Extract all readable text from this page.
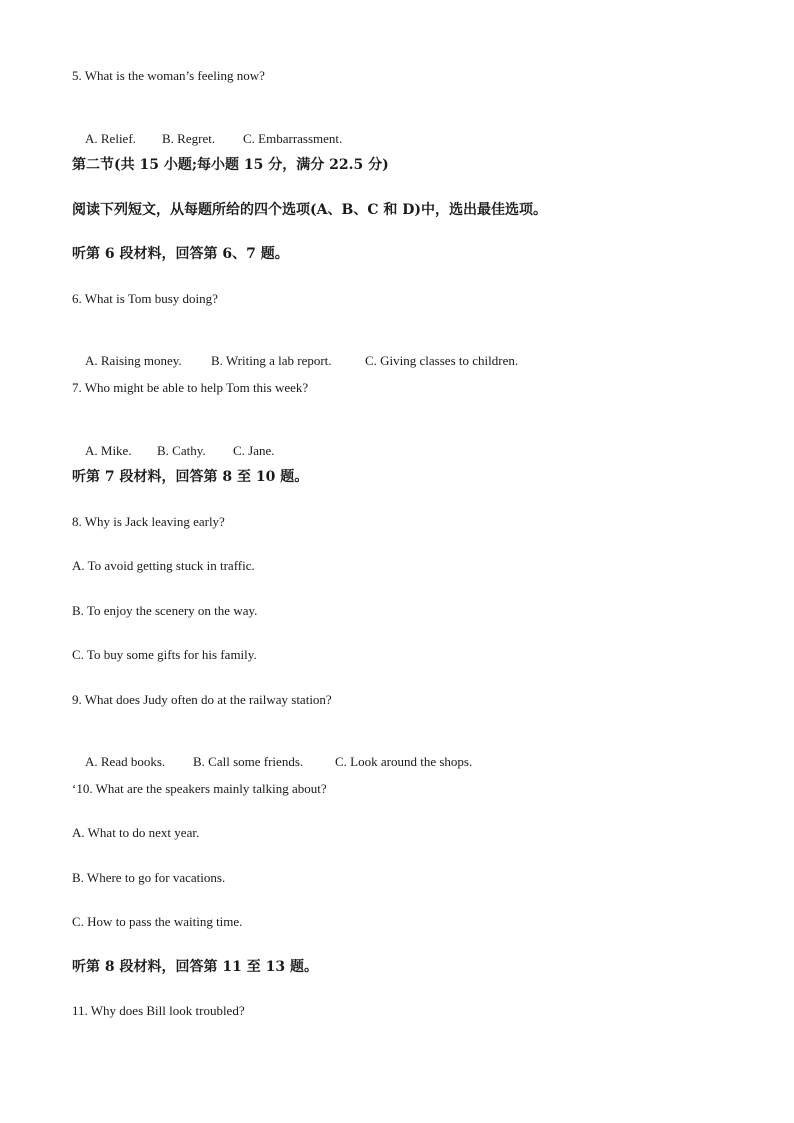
5. What is the woman’s feeling now?

A. Relief. B. Regret. C. Embarrassment.

第二节(共 15 小题;每小题 15 分，满分 22.5 分)
阅读下列短文，从每题所给的四个选项(A、B、C 和 D)中，选出最佳选项。
听第 6 段材料，回答第 6、7 题。
6. What is Tom busy doing?

A. Raising money. B. Writing a lab report.	C. Giving classes to children.

7. Who might be able to help Tom this week?

A. Mike. B. Cathy. C. Jane.

听第 7 段材料，回答第 8 至 10 题。
8. Why is Jack leaving early?
A. To avoid getting stuck in traffic.
B. To enjoy the scenery on the way.
C. To buy some gifts for his family.
9. What does Judy often do at the railway station?

A. Read books. B. Call some friends. C. Look around the shops.

‘10. What are the speakers mainly talking about?
A. What to do next year.
B. Where to go for vacations.
C. How to pass the waiting time.
听第 8 段材料，回答第 11 至 13 题。
11. Why does Bill look troubled?
